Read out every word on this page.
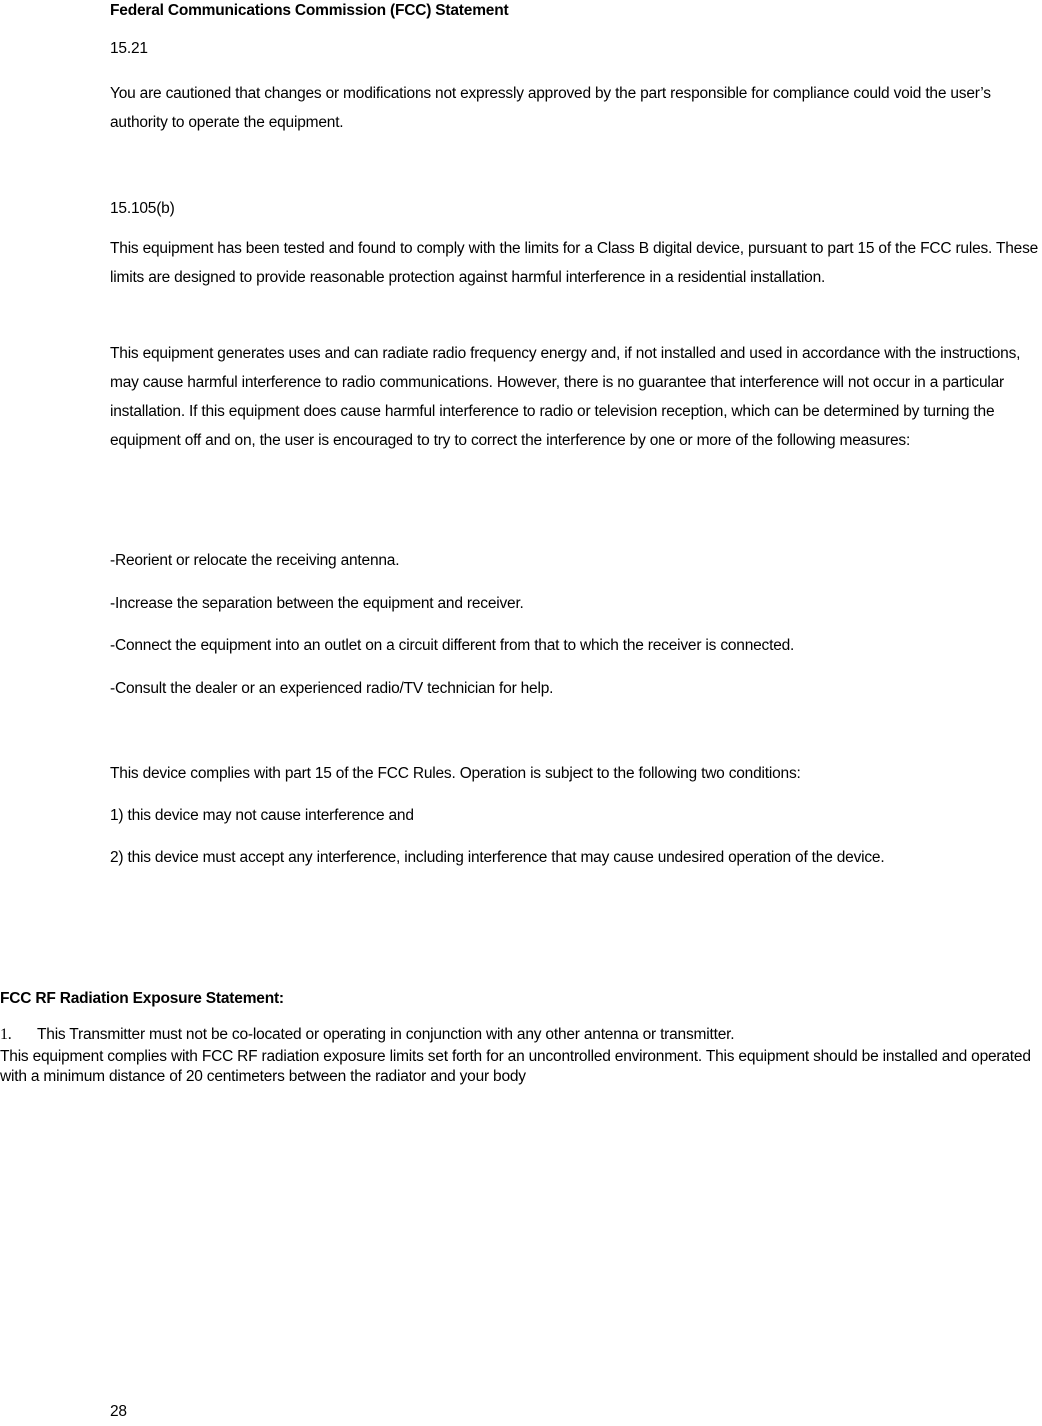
Federal Communications Commission (FCC) Statement
15.21
You are cautioned that changes or modifications not expressly approved by the part responsible for compliance could void the user’s authority to operate the equipment.
15.105(b)
This equipment has been tested and found to comply with the limits for a Class B digital device, pursuant to part 15 of the FCC rules. These limits are designed to provide reasonable protection against harmful interference in a residential installation.
This equipment generates uses and can radiate radio frequency energy and, if not installed and used in accordance with the instructions, may cause harmful interference to radio communications. However, there is no guarantee that interference will not occur in a particular installation. If this equipment does cause harmful interference to radio or television reception, which can be determined by turning the equipment off and on, the user is encouraged to try to correct the interference by one or more of the following measures:
-Reorient or relocate the receiving antenna.
-Increase the separation between the equipment and receiver.
-Connect the equipment into an outlet on a circuit different from that to which the receiver is connected.
-Consult the dealer or an experienced radio/TV technician for help.
This device complies with part 15 of the FCC Rules. Operation is subject to the following two conditions:
1) this device may not cause interference and
2) this device must accept any interference, including interference that may cause undesired operation of the device.
FCC RF Radiation Exposure Statement:
1. This Transmitter must not be co-located or operating in conjunction with any other antenna or transmitter.
This equipment complies with FCC RF radiation exposure limits set forth for an uncontrolled environment. This equipment should be installed and operated with a minimum distance of 20 centimeters between the radiator and your body
28
